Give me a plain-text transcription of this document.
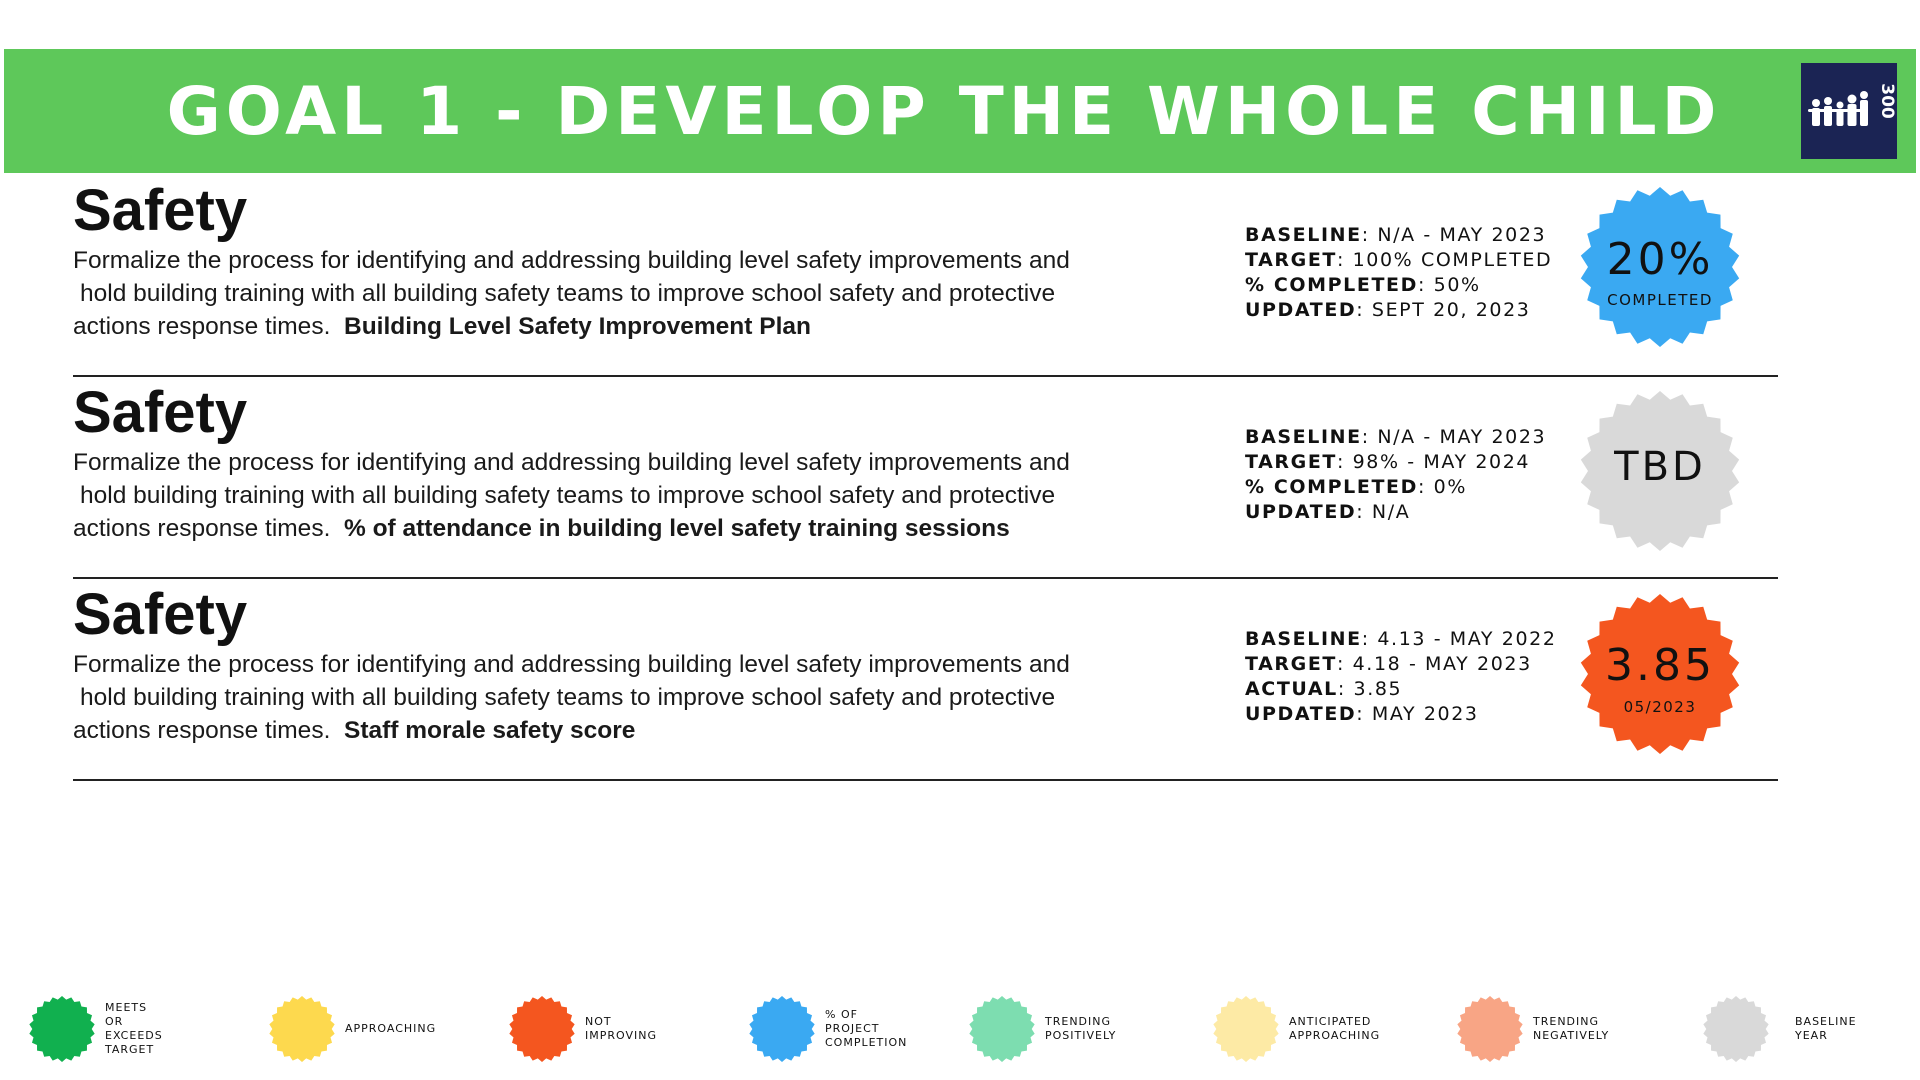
GOAL 1 - DEVELOP THE WHOLE CHILD	300
Safety
Formalize the process for identifying and addressing building level safety improvements and
hold building training with all building safety teams to improve school safety and protective
actions response times. Building Level Safety Improvement Plan
BASELINE: N/A - MAY 2023
TARGET: 100% COMPLETED
% COMPLETED: 50%
UPDATED: SEPT 20, 2023
20%
COMPLETED
Safety
Formalize the process for identifying and addressing building level safety improvements and
hold building training with all building safety teams to improve school safety and protective
actions response times. % of attendance in building level safety training sessions
BASELINE: N/A - MAY 2023
TARGET: 98% - MAY 2024
% COMPLETED: 0%
UPDATED: N/A
TBD
Safety
Formalize the process for identifying and addressing building level safety improvements and
hold building training with all building safety teams to improve school safety and protective
actions response times. Staff morale safety score
BASELINE: 4.13 - MAY 2022
TARGET: 4.18 - MAY 2023
ACTUAL: 3.85
UPDATED: MAY 2023
3.85
05/2023
MEETS OR EXCEEDS
TARGET
APPROACHING
NOT IMPROVING
% OF PROJECT
COMPLETION
TRENDING
POSITIVELY
ANTICIPATED
APPROACHING
TRENDING
NEGATIVELY
BASELINE YEAR
